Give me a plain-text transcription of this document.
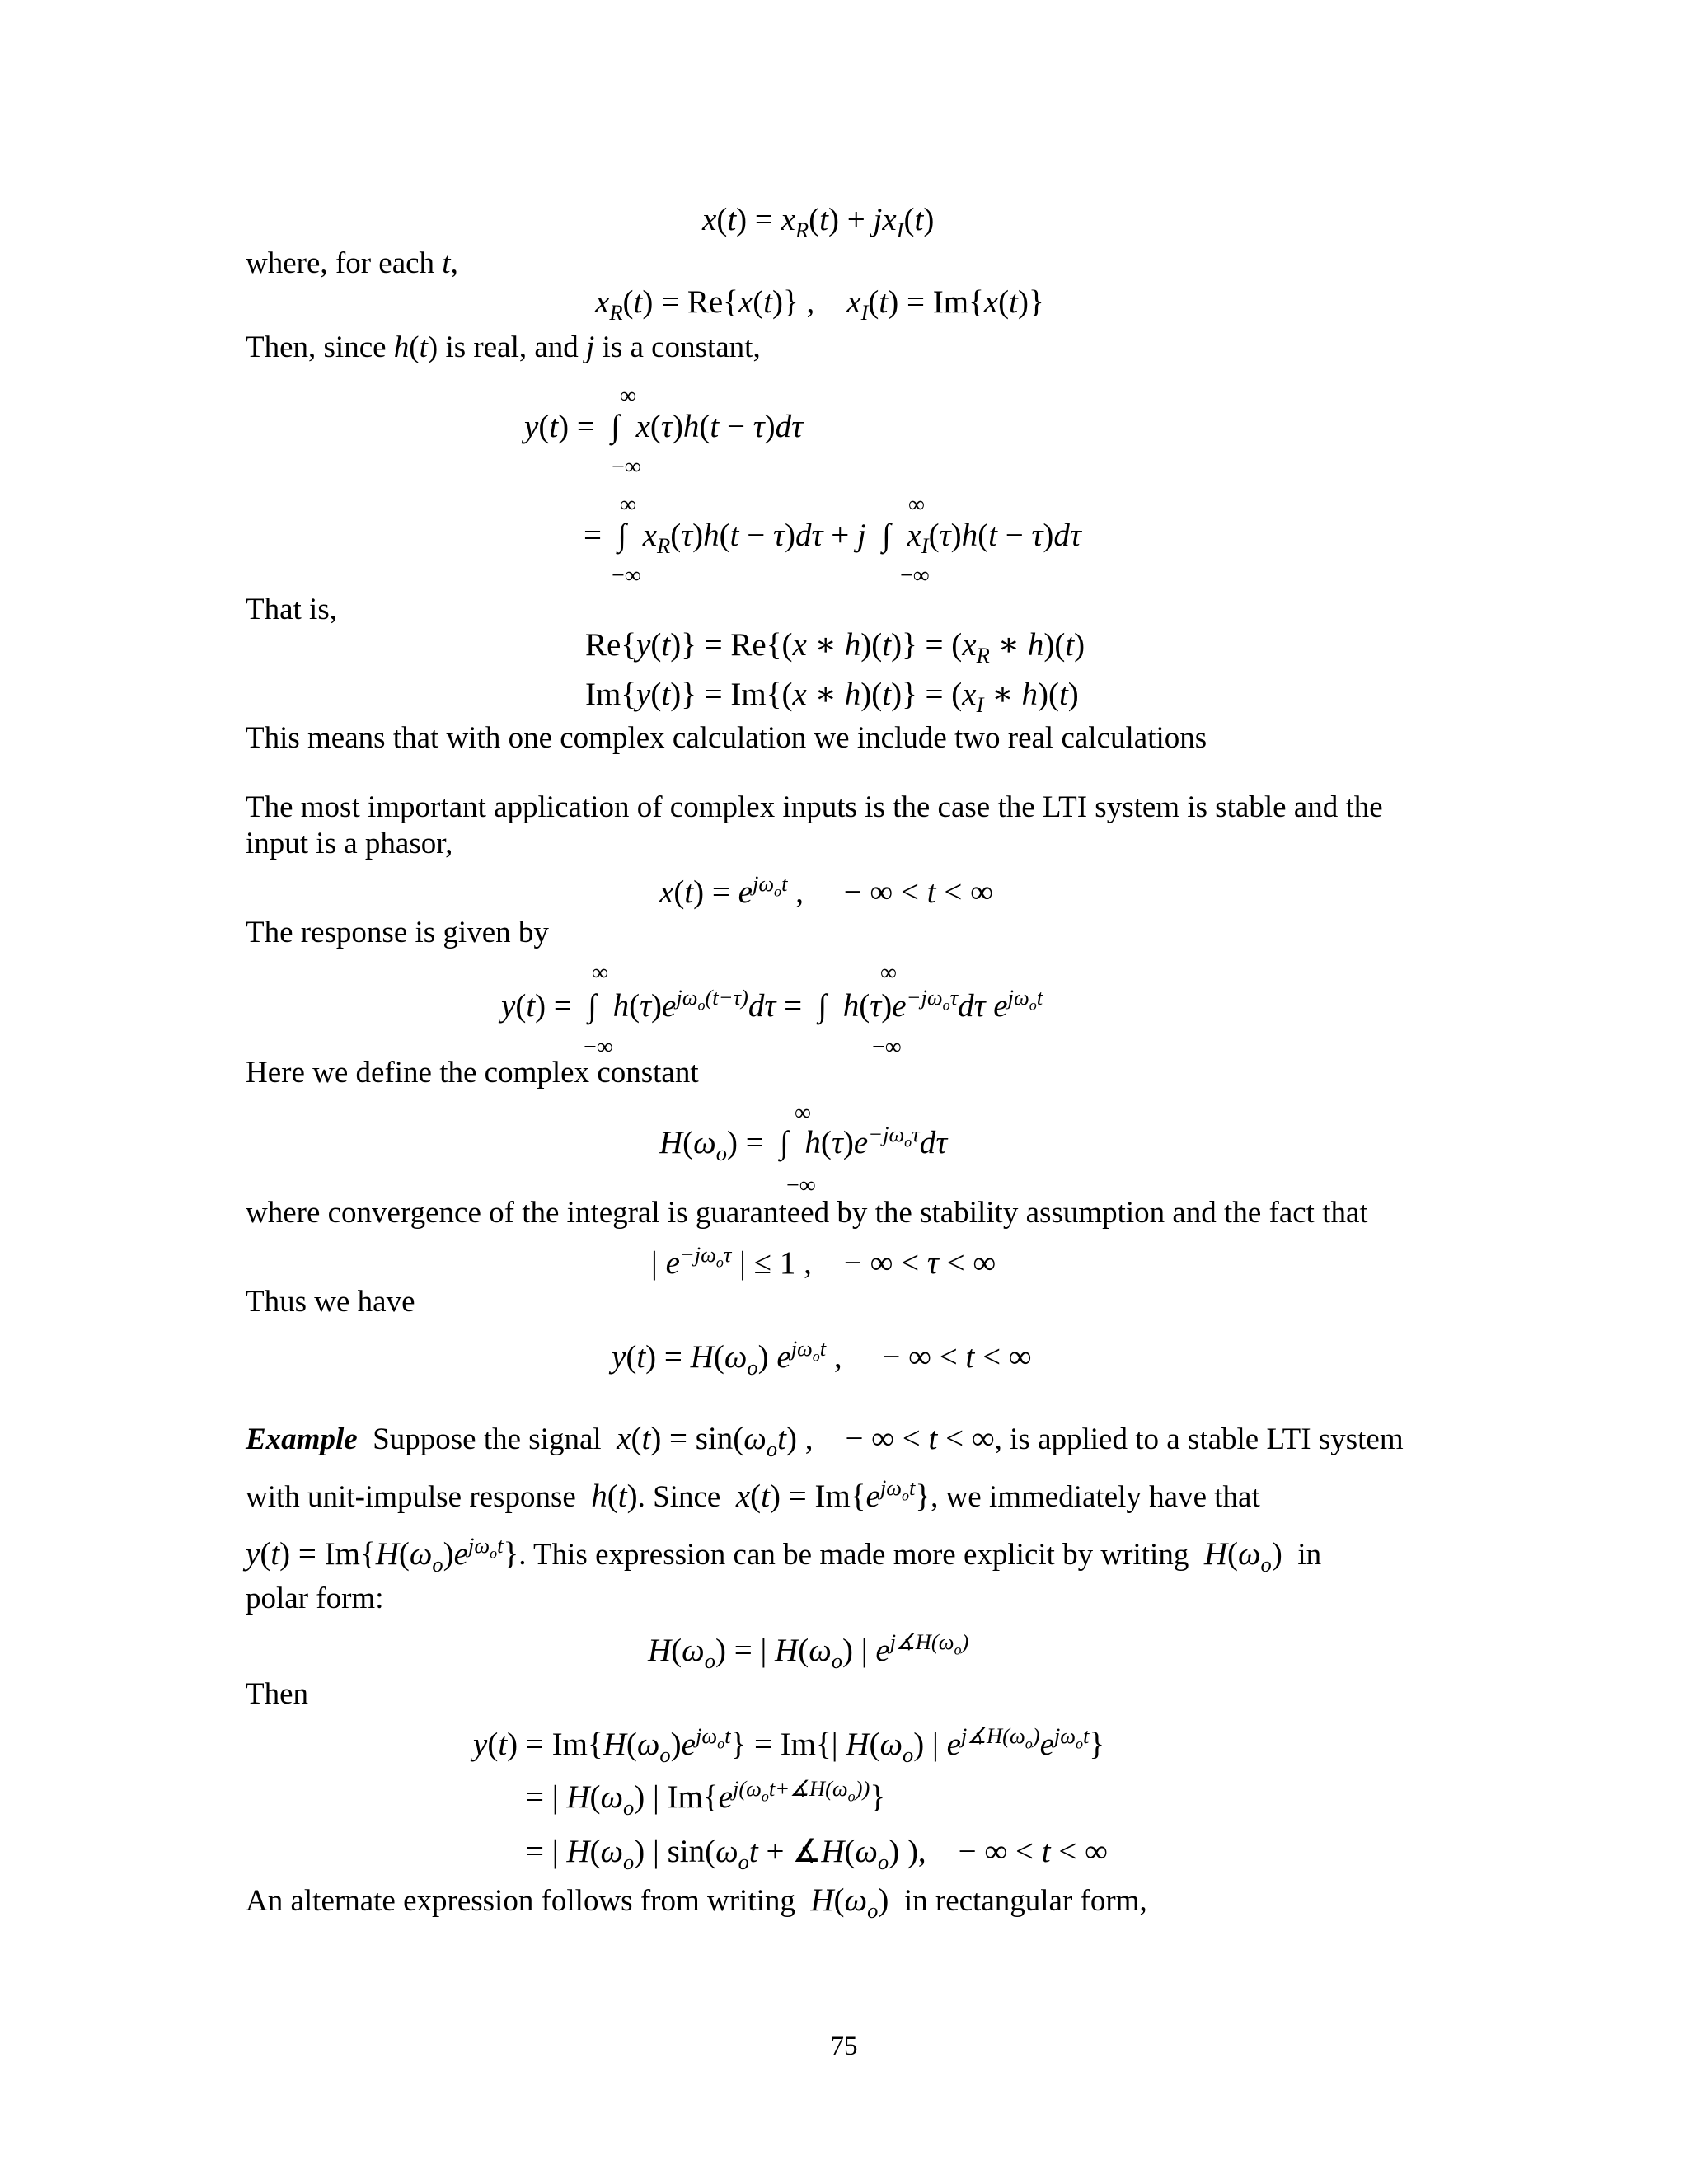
$x(t) = x_R(t) + jx_I(t)$
where, for each t,
$x_R(t) = Re\{x(t)\}$ ,    $x_I(t) = Im\{x(t)\}$
Then, since h(t) is real, and j is a constant,
∞
y(t) =  ∫  x(τ)h(t − τ)dτ
−∞
∞	∞
=  ∫  $x_R(\tau)h(t - \tau)d\tau + j$  ∫  $x_I(\tau)h(t - \tau)d\tau$
−∞	−∞
That is,
Re{y(t)} = Re{(x ∗ $h)(t)\} = (x_R$ ∗ h)(t)
Im{y(t)} = Im{(x ∗ $h)(t)\} = (x_I$ ∗ h)(t)
This means that with one complex calculation we include two real calculations
The most important application of complex inputs is the case the LTI system is stable and the input is a phasor,
$x(t) = e^{j\omega_ot}$ ,     − ∞ < t < ∞
The response is given by
∞	∞
y(t) =  ∫  $h(\tau)e^{j\omega_o(t-\tau)}d\tau$ =  ∫  $h(\tau)e^{-j\omega_o\tau}d\tau$ $e^{j\omega_ot}$
−∞	−∞
Here we define the complex constant
∞
$H(\omega_o)$ =  ∫  $h(\tau)e^{-j\omega_o\tau}d\tau$
−∞
where convergence of the integral is guaranteed by the stability assumption and the fact that
| $e^{-j\omega_o\tau}$ | ≤ 1 ,    − ∞ < τ < ∞
Thus we have
$y(t) = H(\omega_o)$ $e^{j\omega_ot}$ ,     − ∞ < t < ∞
Example Suppose the signal $x(t) = \sin(\omega_ot)$ ,    − ∞ < t < ∞, is applied to a stable LTI system
with unit-impulse response h(t). Since $x(t) = Im\{e^{j\omega_ot}\}$, we immediately have that
$y(t) = Im\{H(\omega_o)e^{j\omega_ot}\}$. This expression can be made more explicit by writing $H(\omega_o)$ in
polar form:
$H(\omega_o)$ = | $H(\omega_o)$ | $e^{j∡H(\omega_o)}$
Then
$y(t) = Im\{H(\omega_o)e^{j\omega_ot}\} = Im\{|$ $H(\omega_o)$ | $e^{j∡H(\omega_o)}e^{j\omega_ot}$}
= | $H(\omega_o)$ | $Im\{e^{j(\omega_ot+∡H(\omega_o))}\}$
= | $H(\omega_o)$ | $\sin(\omega_ot$ + $∡H(\omega_o)$ ),    − ∞ < t < ∞
An alternate expression follows from writing $H(\omega_o)$ in rectangular form,
75
